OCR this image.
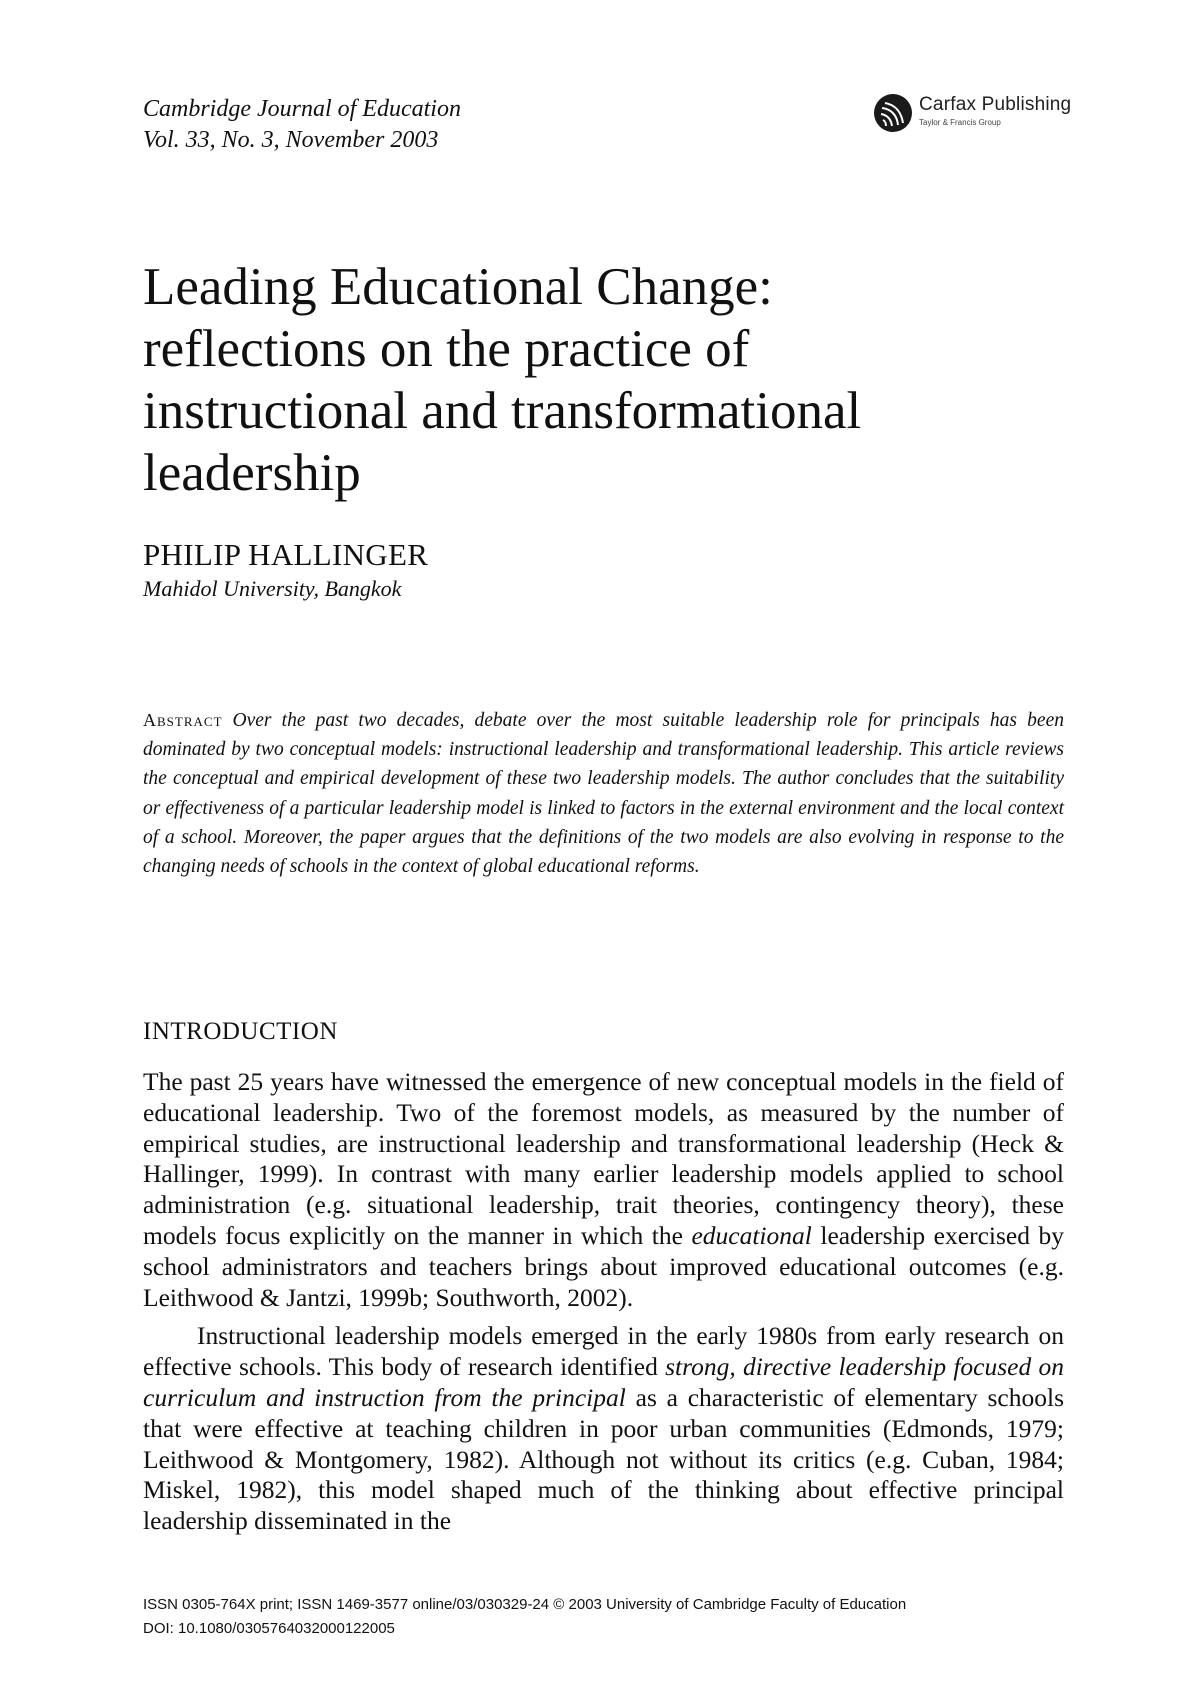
Cambridge Journal of Education
Vol. 33, No. 3, November 2003
Carfax Publishing
Taylor & Francis Group
Leading Educational Change:
reflections on the practice of
instructional and transformational
leadership
PHILIP HALLINGER
Mahidol University, Bangkok
Abstract Over the past two decades, debate over the most suitable leadership role for principals has been dominated by two conceptual models: instructional leadership and transformational leadership. This article reviews the conceptual and empirical development of these two leadership models. The author concludes that the suitability or effectiveness of a particular leadership model is linked to factors in the external environment and the local context of a school. Moreover, the paper argues that the definitions of the two models are also evolving in response to the changing needs of schools in the context of global educational reforms.
INTRODUCTION

The past 25 years have witnessed the emergence of new conceptual models in the field of educational leadership. Two of the foremost models, as measured by the number of empirical studies, are instructional leadership and transformational leadership (Heck & Hallinger, 1999). In contrast with many earlier leadership models applied to school administration (e.g. situational leadership, trait theories, contingency theory), these models focus explicitly on the manner in which the educational leadership exercised by school administrators and teachers brings about improved educational outcomes (e.g. Leithwood & Jantzi, 1999b; Southworth, 2002).

Instructional leadership models emerged in the early 1980s from early research on effective schools. This body of research identified strong, directive leadership focused on curriculum and instruction from the principal as a characteristic of elementary schools that were effective at teaching children in poor urban communities (Edmonds, 1979; Leithwood & Montgomery, 1982). Although not without its critics (e.g. Cuban, 1984; Miskel, 1982), this model shaped much of the thinking about effective principal leadership disseminated in the

ISSN 0305-764X print; ISSN 1469-3577 online/03/030329-24 © 2003 University of Cambridge Faculty of Education
DOI: 10.1080/0305764032000122005
